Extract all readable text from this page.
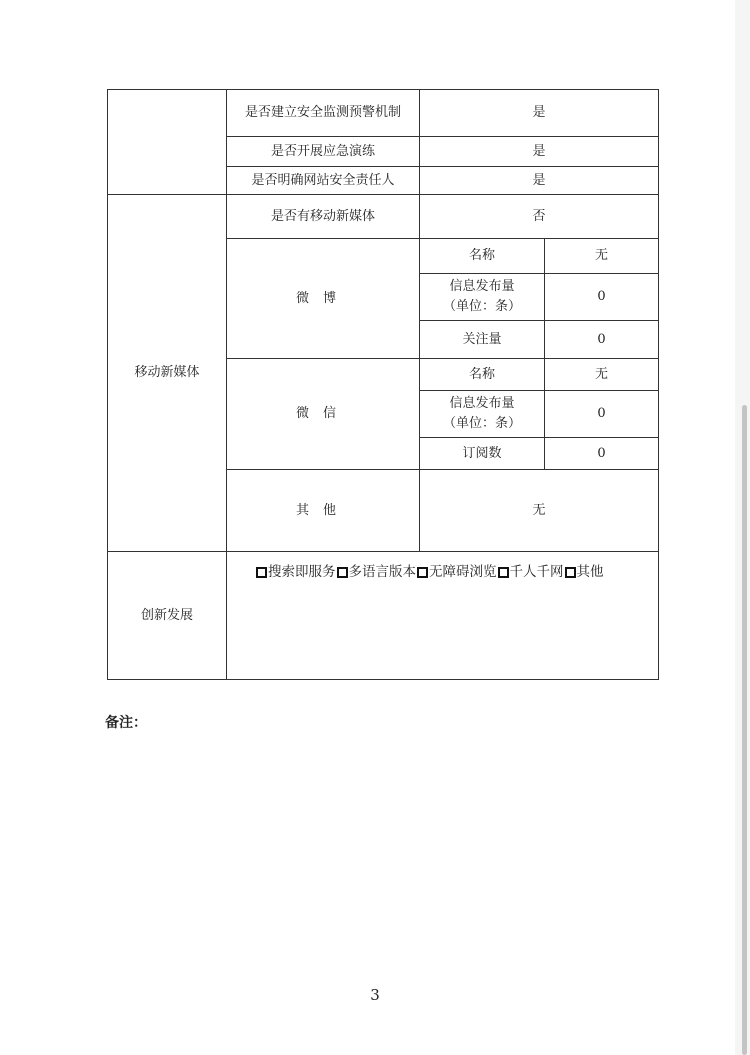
	是否建立安全监测预警机制	是	
	是否开展应急演练	是	
	是否明确网站安全责任人	是	
移动新媒体	是否有移动新媒体	否	
	微博	名称	无

		信息发布量
（单位：条）	0
		关注量	0
	微信	名称	无

		信息发布量
（单位：条）	0
		订阅数	0
	其他	无	
创新发展	搜索即服务 多语言版本 无障碍浏览 千人千网 其他		
备注：
3
